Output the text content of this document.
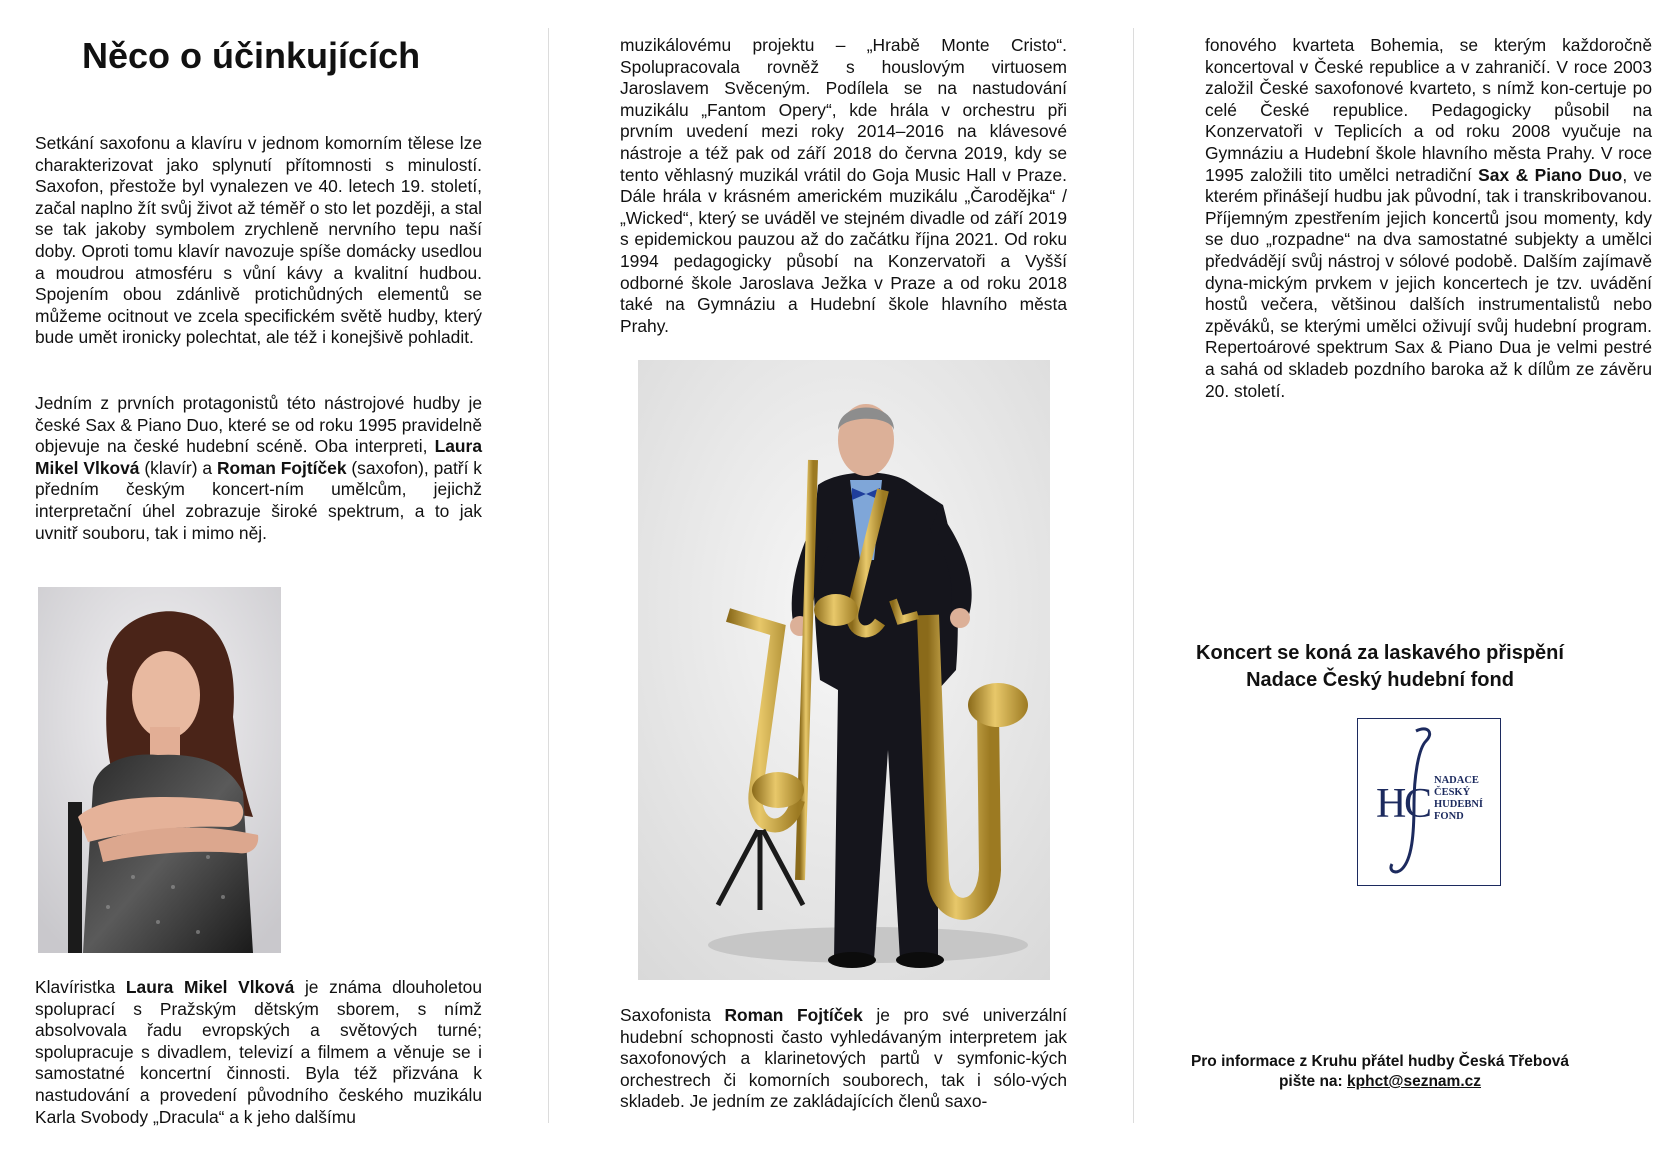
Něco o účinkujících

Setkání saxofonu a klavíru v jednom komorním tělese lze charakterizovat jako splynutí přítomnosti s minulostí. Saxofon, přestože byl vynalezen ve 40. letech 19. století, začal naplno žít svůj život až téměř o sto let později, a stal se tak jakoby symbolem zrychleně nervního tepu naší doby. Oproti tomu klavír navozuje spíše domácky usedlou a moudrou atmosféru s vůní kávy a kvalitní hudbou. Spojením obou zdánlivě protichůdných elementů se můžeme ocitnout ve zcela specifickém světě hudby, který bude umět ironicky polechtat, ale též i konejšivě pohladit.

Jedním z prvních protagonistů této nástrojové hudby je české Sax & Piano Duo, které se od roku 1995 pravidelně objevuje na české hudební scéně. Oba interpreti, Laura Mikel Vlková (klavír) a Roman Fojtíček (saxofon), patří k předním českým koncert-ním umělcům, jejichž interpretační úhel zobrazuje široké spektrum, a to jak uvnitř souboru, tak i mimo něj.

Klavíristka Laura Mikel Vlková je známa dlouholetou spoluprací s Pražským dětským sborem, s nímž absolvovala řadu evropských a světových turné; spolupracuje s divadlem, televizí a filmem a věnuje se i samostatné koncertní činnosti. Byla též přizvána k nastudování a provedení původního českého muzikálu Karla Svobody „Dracula“ a k jeho dalšímu

muzikálovému projektu – „Hrabě Monte Cristo“. Spolupracovala rovněž s houslovým virtuosem Jaroslavem Svěceným. Podílela se na nastudování muzikálu „Fantom Opery“, kde hrála v orchestru při prvním uvedení mezi roky 2014–2016 na klávesové nástroje a též pak od září 2018 do června 2019, kdy se tento věhlasný muzikál vrátil do Goja Music Hall v Praze. Dále hrála v krásném americkém muzikálu „Čarodějka“ / „Wicked“, který se uváděl ve stejném divadle od září 2019 s epidemickou pauzou až do začátku října 2021. Od roku 1994 pedagogicky působí na Konzervatoři a Vyšší odborné škole Jaroslava Ježka v Praze a od roku 2018 také na Gymnáziu a Hudební škole hlavního města Prahy.

Saxofonista Roman Fojtíček je pro své univerzální hudební schopnosti často vyhledávaným interpretem jak saxofonových a klarinetových partů v symfonic-kých orchestrech či komorních souborech, tak i sólo-vých skladeb. Je jedním ze zakládajících členů saxo-

fonového kvarteta Bohemia, se kterým každoročně koncertoval v České republice a v zahraničí. V roce 2003 založil České saxofonové kvarteto, s nímž kon-certuje po celé České republice. Pedagogicky působil na Konzervatoři v Teplicích a od roku 2008 vyučuje na Gymnáziu a Hudební škole hlavního města Prahy. V roce 1995 založili tito umělci netradiční Sax & Piano Duo, ve kterém přinášejí hudbu jak původní, tak i transkribovanou. Příjemným zpestřením jejich koncertů jsou momenty, kdy se duo „rozpadne“ na dva samostatné subjekty a umělci předvádějí svůj nástroj v sólové podobě. Dalším zajímavě dyna-mickým prvkem v jejich koncertech je tzv. uvádění hostů večera, většinou dalších instrumentalistů nebo zpěváků, se kterými umělci oživují svůj hudební program. Repertoárové spektrum Sax & Piano Dua je velmi pestré a sahá od skladeb pozdního baroka až k dílům ze závěru 20. století.

Koncert se koná za laskavého přispění
Nadace Český hudební fond
H
C
NADACE
ČESKÝ
HUDEBNÍ
FOND
Pro informace z Kruhu přátel hudby Česká Třebová
pište na: kphct@seznam.cz
